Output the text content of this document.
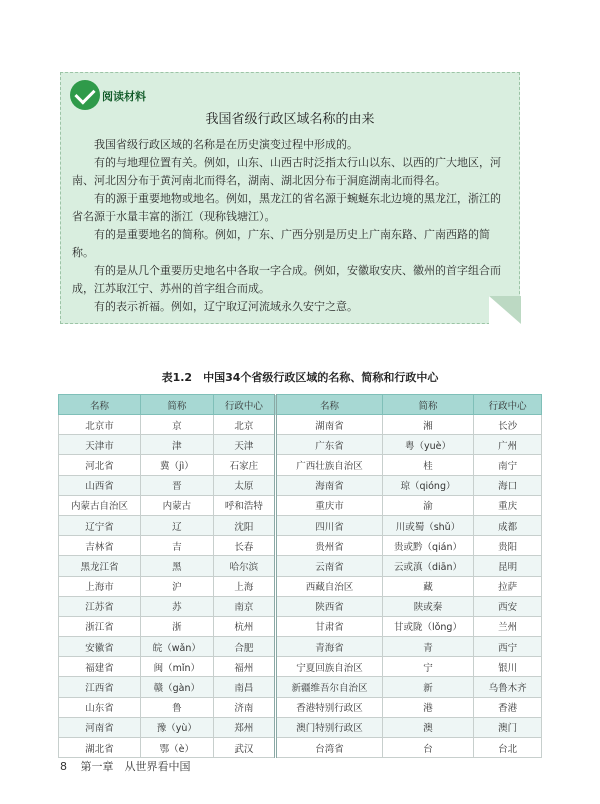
阅读材料
我国省级行政区域名称的由来

我国省级行政区域的名称是在历史演变过程中形成的。

有的与地理位置有关。例如，山东、山西古时泛指太行山以东、以西的广大地区，河南、河北因分布于黄河南北而得名，湖南、湖北因分布于洞庭湖南北而得名。

有的源于重要地物或地名。例如，黑龙江的省名源于蜿蜒东北边境的黑龙江，浙江的省名源于水量丰富的浙江（现称钱塘江）。

有的是重要地名的简称。例如，广东、广西分别是历史上广南东路、广南西路的简称。

有的是从几个重要历史地名中各取一字合成。例如，安徽取安庆、徽州的首字组合而成，江苏取江宁、苏州的首字组合而成。

有的表示祈福。例如，辽宁取辽河流域永久安宁之意。

表1.2　中国34个省级行政区域的名称、简称和行政中心
名称	简称	行政中心	名称	简称	行政中心
北京市	京	北京	湖南省	湘	长沙
天津市	津	天津	广东省	粤（yuè）	广州
河北省	冀（jì）	石家庄	广西壮族自治区	桂	南宁
山西省	晋	太原	海南省	琼（qióng）	海口
内蒙古自治区	内蒙古	呼和浩特	重庆市	渝	重庆
辽宁省	辽	沈阳	四川省	川或蜀（shǔ）	成都
吉林省	吉	长春	贵州省	贵或黔（qián）	贵阳
黑龙江省	黑	哈尔滨	云南省	云或滇（diān）	昆明
上海市	沪	上海	西藏自治区	藏	拉萨
江苏省	苏	南京	陕西省	陕或秦	西安
浙江省	浙	杭州	甘肃省	甘或陇（lǒng）	兰州
安徽省	皖（wǎn）	合肥	青海省	青	西宁
福建省	闽（mǐn）	福州	宁夏回族自治区	宁	银川
江西省	赣（gàn）	南昌	新疆维吾尔自治区	新	乌鲁木齐
山东省	鲁	济南	香港特别行政区	港	香港
河南省	豫（yù）	郑州	澳门特别行政区	澳	澳门
湖北省	鄂（è）	武汉	台湾省	台	台北
8 第一章　从世界看中国
